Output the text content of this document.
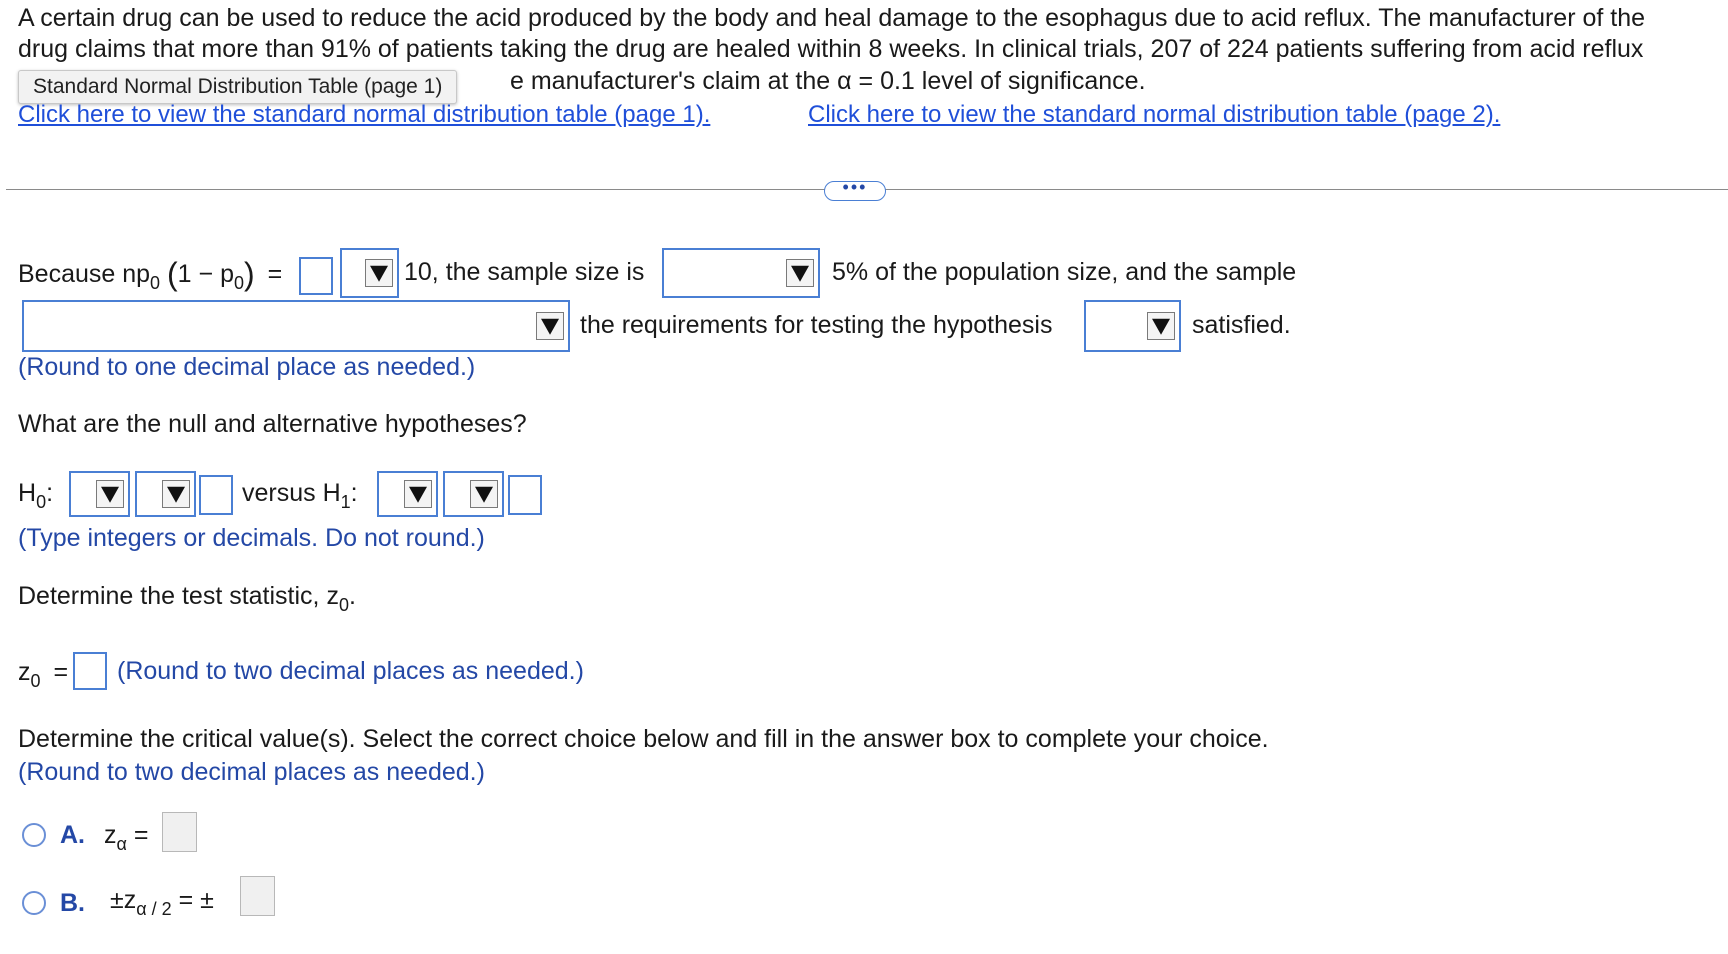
A certain drug can be used to reduce the acid produced by the body and heal damage to the esophagus due to acid reflux. The manufacturer of the
drug claims that more than 91% of patients taking the drug are healed within 8 weeks. In clinical trials, 207 of 224 patients suffering from acid reflux
e manufacturer's claim at the α = 0.1 level of significance.
Standard Normal Distribution Table (page 1)
Click here to view the standard normal distribution table (page 1).	Click here to view the standard normal distribution table (page 2).
•••
Because $np_0$ $(1 - p_0)$ =	10, the sample size is	5% of the population size, and the sample
the requirements for testing the hypothesis	satisfied.
(Round to one decimal place as needed.)
What are the null and alternative hypotheses?
$H_0$:	versus $H_1$:
(Type integers or decimals. Do not round.)
Determine the test statistic, $z_0$.
$z_0$ = (Round to two decimal places as needed.)
Determine the critical value(s). Select the correct choice below and fill in the answer box to complete your choice.
(Round to two decimal places as needed.)
A. $z_\alpha$ =
B. $\pm z_{\alpha / 2}$ = ±
